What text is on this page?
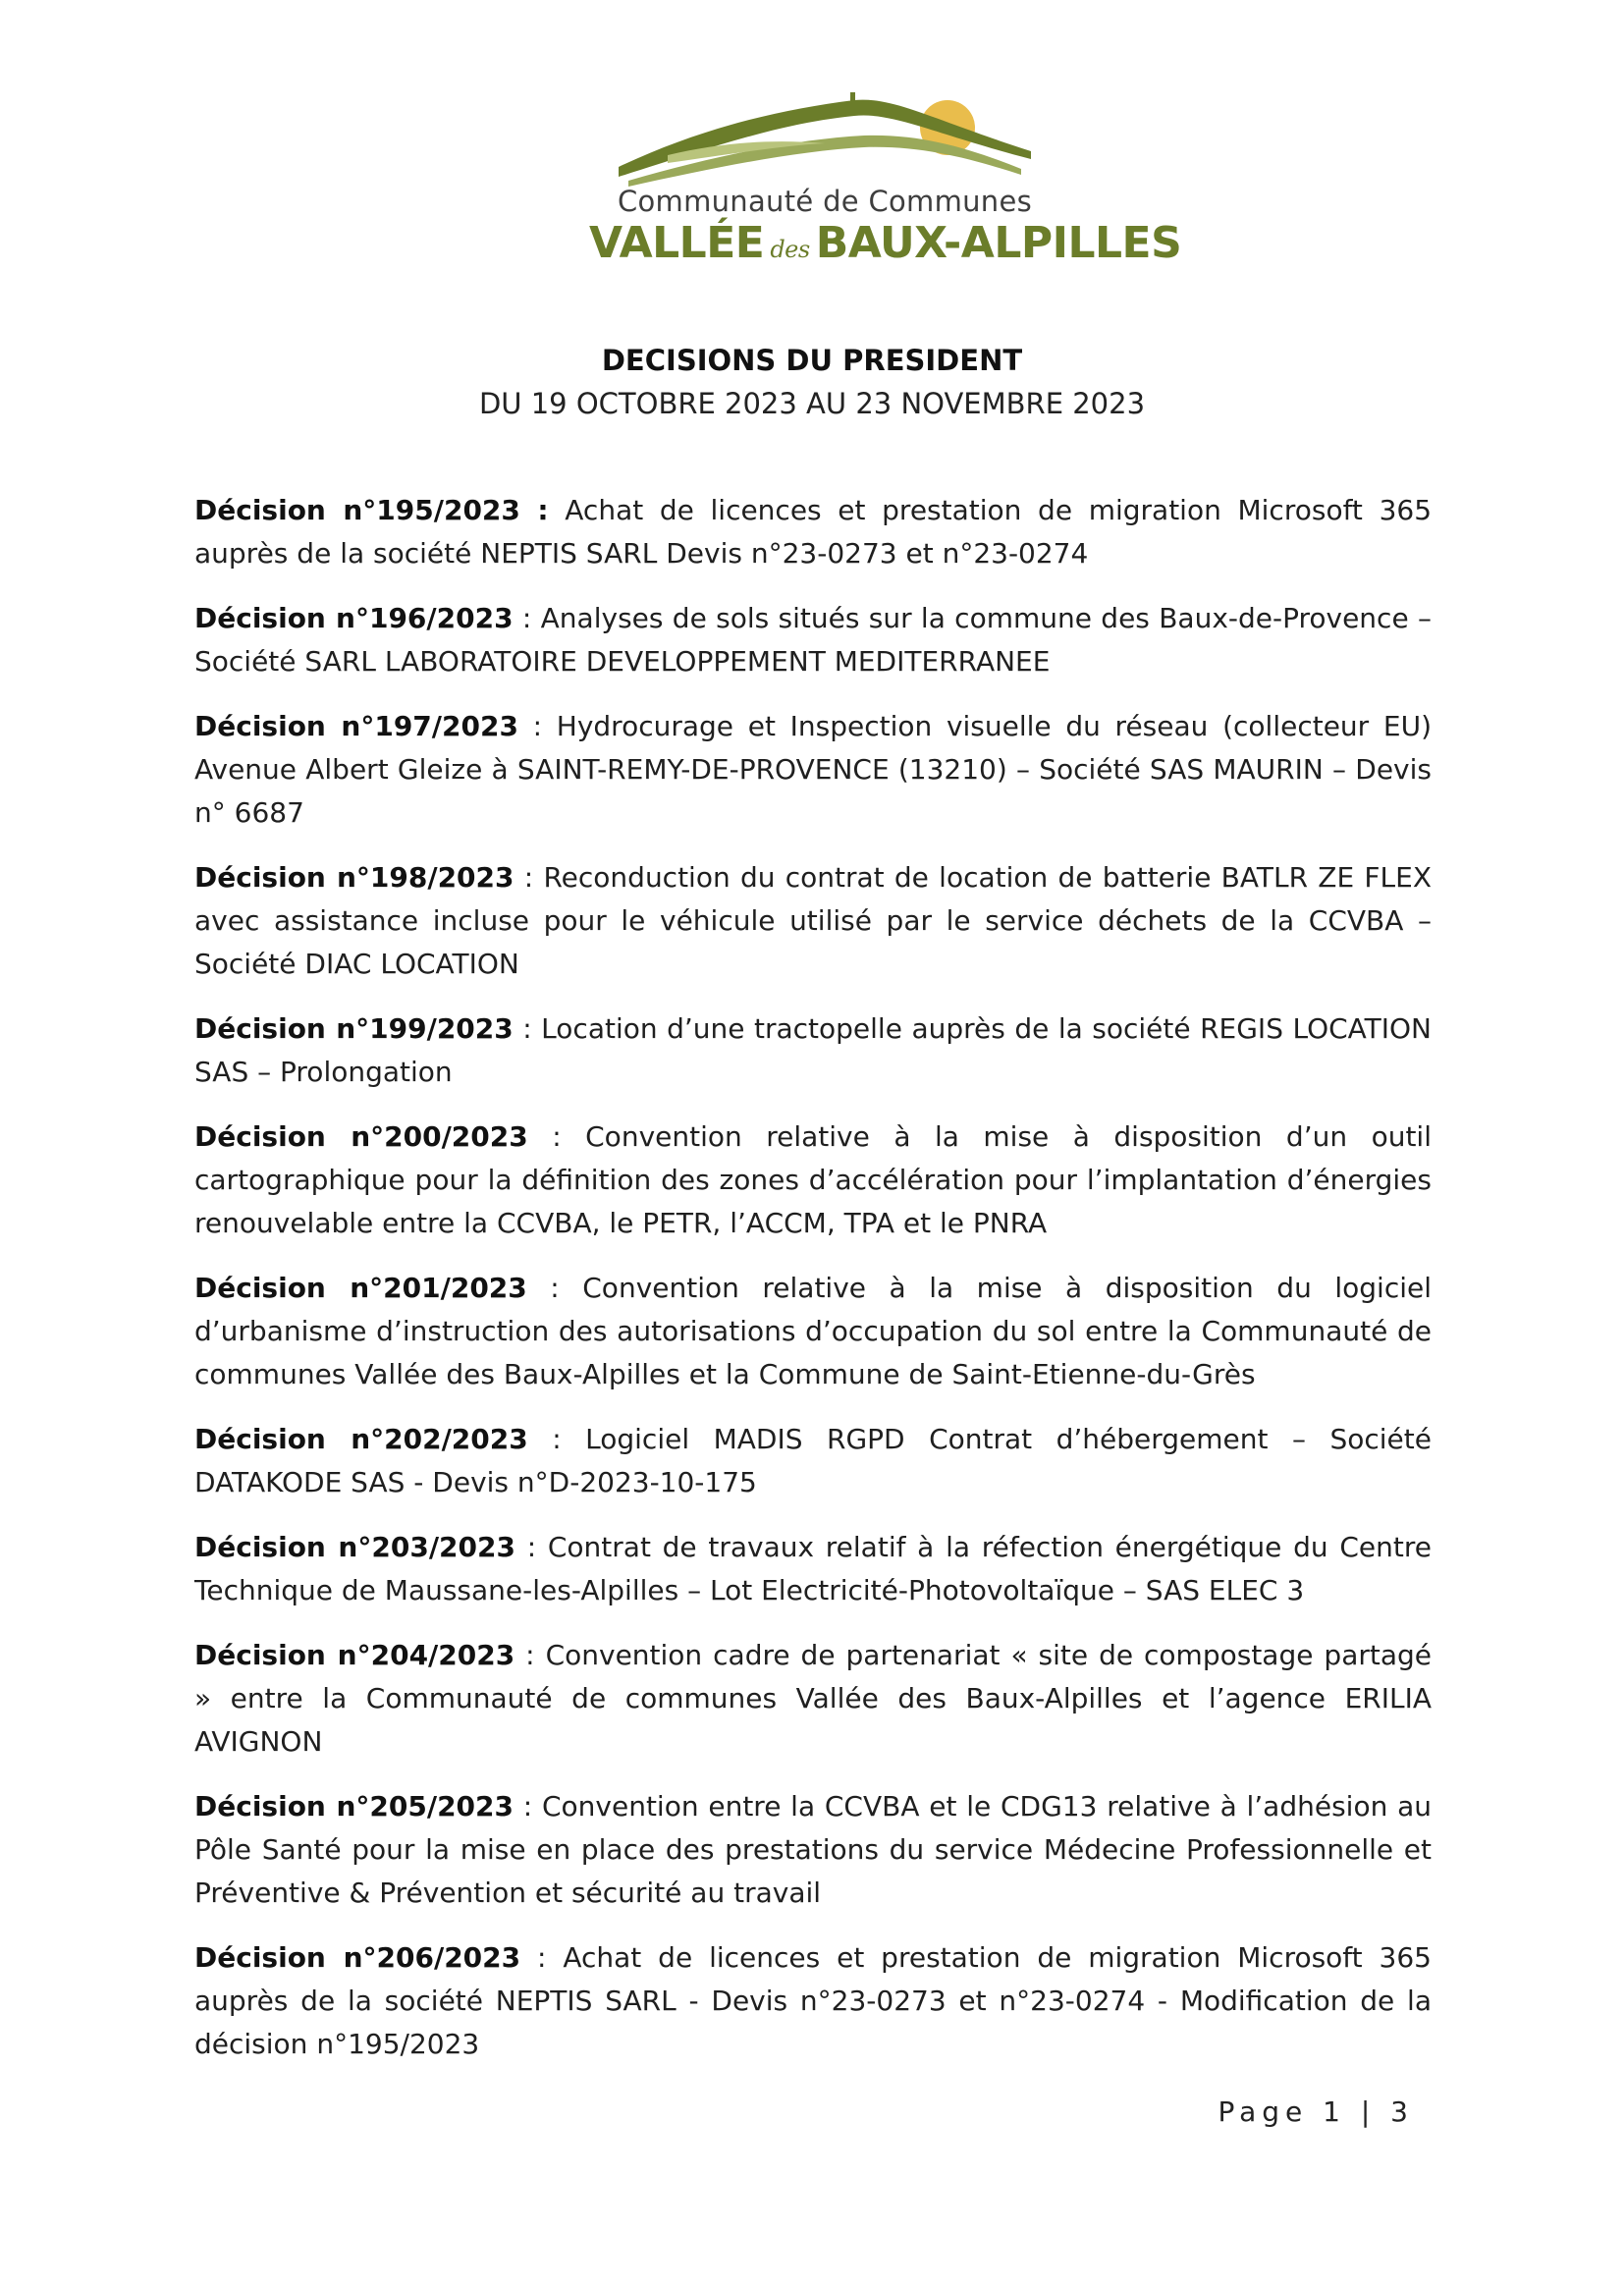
Communauté de Communes
VALLÉE des BAUX-ALPILLES
DECISIONS DU PRESIDENT
DU 19 OCTOBRE 2023 AU 23 NOVEMBRE 2023

Décision n°195/2023 : Achat de licences et prestation de migration Microsoft 365 auprès de la société NEPTIS SARL Devis n°23-0273 et n°23-0274

Décision n°196/2023 : Analyses de sols situés sur la commune des Baux-de-Provence – Société SARL LABORATOIRE DEVELOPPEMENT MEDITERRANEE

Décision n°197/2023 : Hydrocurage et Inspection visuelle du réseau (collecteur EU) Avenue Albert Gleize à SAINT-REMY-DE-PROVENCE (13210) – Société SAS MAURIN – Devis n° 6687

Décision n°198/2023 : Reconduction du contrat de location de batterie BATLR ZE FLEX avec assistance incluse pour le véhicule utilisé par le service déchets de la CCVBA – Société DIAC LOCATION

Décision n°199/2023 : Location d’une tractopelle auprès de la société REGIS LOCATION SAS – Prolongation

Décision n°200/2023 : Convention relative à la mise à disposition d’un outil cartographique pour la définition des zones d’accélération pour l’implantation d’énergies renouvelable entre la CCVBA, le PETR, l’ACCM, TPA et le PNRA

Décision n°201/2023 : Convention relative à la mise à disposition du logiciel d’urbanisme d’instruction des autorisations d’occupation du sol entre la Communauté de communes Vallée des Baux-Alpilles et la Commune de Saint-Etienne-du-Grès

Décision n°202/2023 : Logiciel MADIS RGPD Contrat d’hébergement – Société DATAKODE SAS - Devis n°D-2023-10-175

Décision n°203/2023 : Contrat de travaux relatif à la réfection énergétique du Centre Technique de Maussane-les-Alpilles – Lot Electricité-Photovoltaïque – SAS ELEC 3

Décision n°204/2023 : Convention cadre de partenariat « site de compostage partagé » entre la Communauté de communes Vallée des Baux-Alpilles et l’agence ERILIA AVIGNON

Décision n°205/2023 : Convention entre la CCVBA et le CDG13 relative à l’adhésion au Pôle Santé pour la mise en place des prestations du service Médecine Professionnelle et Préventive & Prévention et sécurité au travail

Décision n°206/2023 : Achat de licences et prestation de migration Microsoft 365 auprès de la société NEPTIS SARL - Devis n°23-0273 et n°23-0274 - Modification de la décision n°195/2023

Page 1 | 3
